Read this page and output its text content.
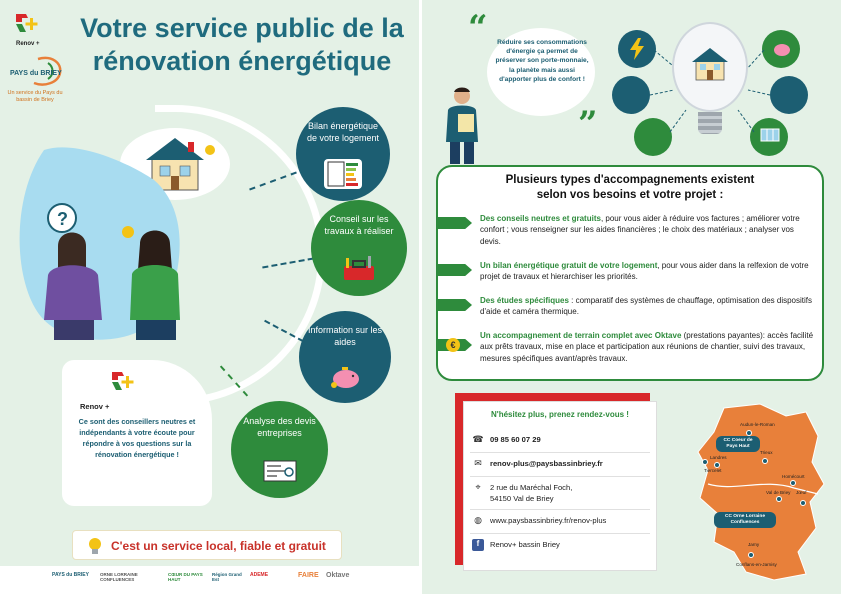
Renov +
PAYS du BRIEY
Un service du Pays du bassin de Briey
Votre service public de la
rénovation énergétique
?
Bilan énergétique de votre logement
Conseil sur les travaux à réaliser
Information sur les aides
Analyse des devis entreprises
Renov +
Ce sont des conseillers neutres et indépendants à votre écoute pour répondre à vos questions sur la rénovation énergétique !
C'est un service local, fiable et gratuit
PAYS du BRIEY ORNE LORRAINE CONFLUENCES
CŒUR DU PAYS HAUT
Région Grand Est
ADEME	FAIRE Oktave
“
”
Réduire ses consommations d'énergie ça permet de préserver son porte-monnaie, la planète mais aussi d'apporter plus de confort !
Plusieurs types d'accompagnements existent
selon vos besoins et votre projet :
Des conseils neutres et gratuits, pour vous aider à réduire vos factures ; améliorer votre confort ; vous renseigner sur les aides financières ; le choix des matériaux ; analyser vos devis.
Un bilan énergétique gratuit de votre logement, pour vous aider dans la relfexion de votre projet de travaux et hierarchiser les priorités.
Des études spécifiques : comparatif des systèmes de chauffage, optimisation des dispositifs d'aide et caméra thermique.
€
Un accompagnement de terrain complet avec Oktave (prestations payantes): accès facilité aux prêts travaux, mise en place et participation aux réunions de chantier, suivi des travaux, mesures spécifiques avant/après travaux.
N'hésitez plus, prenez rendez-vous !
☎ 09 85 60 07 29
✉ renov-plus@paysbassinbriey.fr
⌖	2 rue du Maréchal Foch,
54150 Val de Briey
◍ www.paysbassinbriey.fr/renov-plus
f	Renov+ bassin Briey
CC Coeur de Pays Haut
CC Orne Lorraine Confluences
Audun-le-Roman
Tiercelet
Landres
Trieux
Homécourt
Val de Briey Jœuf
Jarny
Conflans-en-Jarnisy
